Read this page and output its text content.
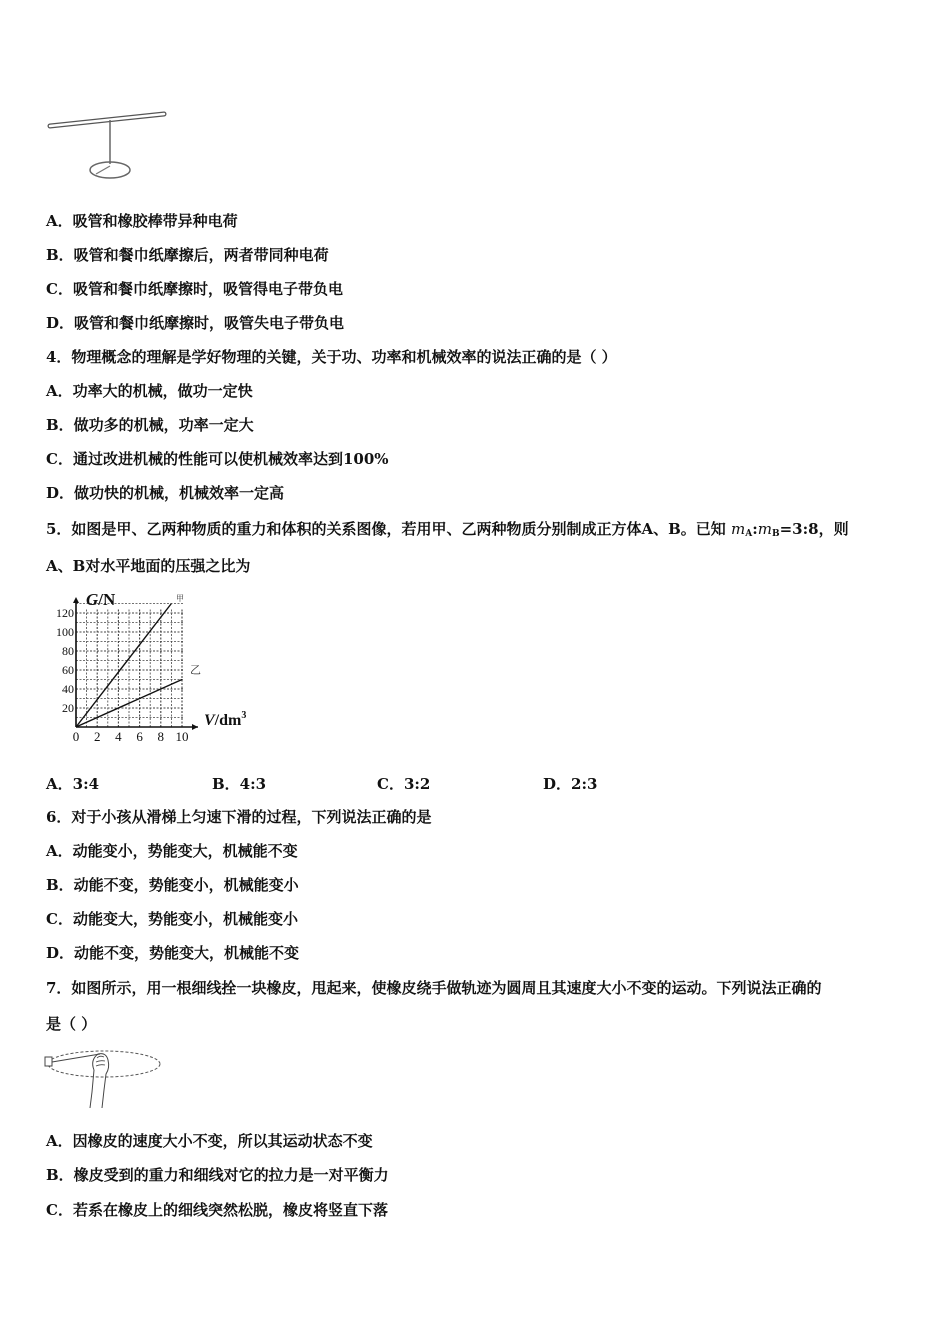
A．吸管和橡胶棒带异种电荷
B．吸管和餐巾纸摩擦后，两者带同种电荷
C．吸管和餐巾纸摩擦时，吸管得电子带负电
D．吸管和餐巾纸摩擦时，吸管失电子带负电
4．物理概念的理解是学好物理的关键，关于功、功率和机械效率的说法正确的是（ ）
A．功率大的机械，做功一定快
B．做功多的机械，功率一定大
C．通过改进机械的性能可以使机械效率达到100%
D．做功快的机械，机械效率一定高
5．如图是甲、乙两种物质的重力和体积的关系图像，若用甲、乙两种物质分别制成正方体A、B。已知 $m_A:m_B=3:8$，则
A、B对水平地面的压强之比为
0 2 4 6 8 10
20
40
60
80
100
120
甲
乙
G/N
$V/dm^3$
A．3:4	B．4:3	C．3:2	D．2:3
6．对于小孩从滑梯上匀速下滑的过程，下列说法正确的是
A．动能变小，势能变大，机械能不变
B．动能不变，势能变小，机械能变小
C．动能变大，势能变小，机械能变小
D．动能不变，势能变大，机械能不变
7．如图所示，用一根细线拴一块橡皮，甩起来，使橡皮绕手做轨迹为圆周且其速度大小不变的运动。下列说法正确的
是（ ）
A．因橡皮的速度大小不变，所以其运动状态不变
B．橡皮受到的重力和细线对它的拉力是一对平衡力
C．若系在橡皮上的细线突然松脱，橡皮将竖直下落
